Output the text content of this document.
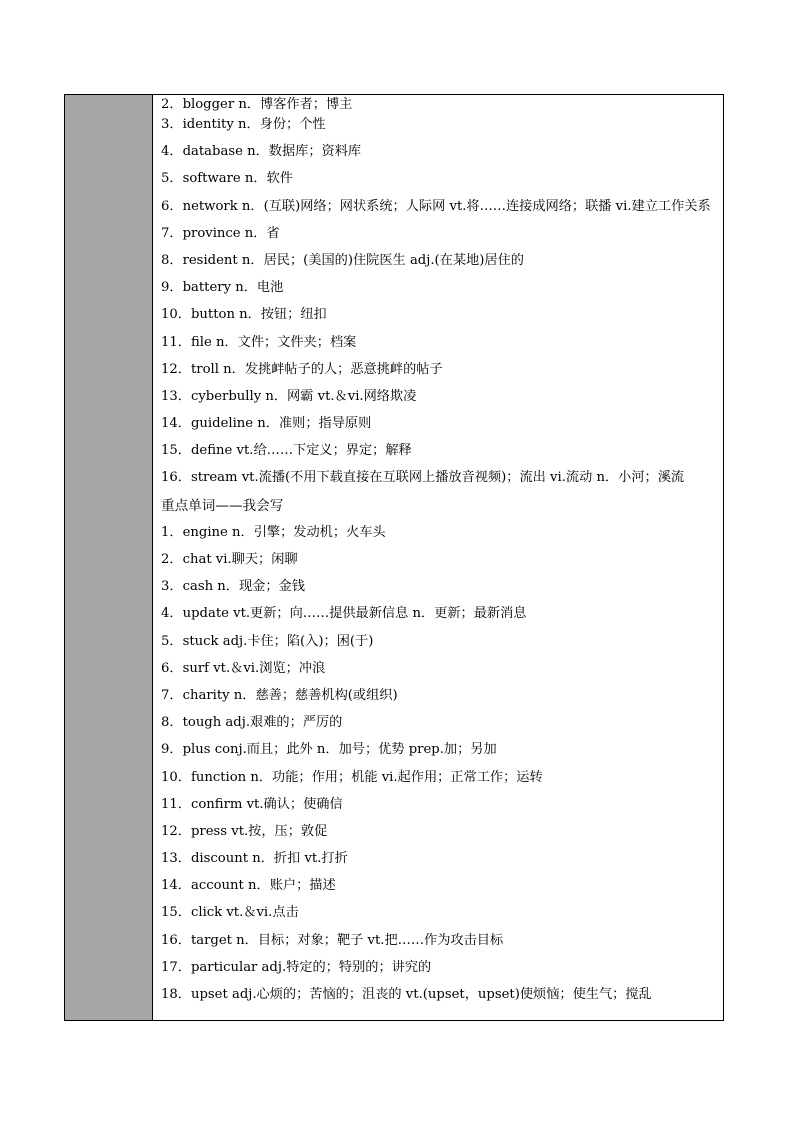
2．blogger n．博客作者；博主
3．identity n．身份；个性
4．database n．数据库；资料库
5．software n．软件
6．network n．(互联)网络；网状系统；人际网 vt.将……连接成网络；联播 vi.建立工作关系
7．province n．省
8．resident n．居民；(美国的)住院医生 adj.(在某地)居住的
9．battery n．电池
10．button n．按钮；纽扣
11．file n．文件；文件夹；档案
12．troll n．发挑衅帖子的人；恶意挑衅的帖子
13．cyberbully n．网霸 vt.＆vi.网络欺凌
14．guideline n．准则；指导原则
15．define vt.给……下定义；界定；解释
16．stream vt.流播(不用下载直接在互联网上播放音视频)；流出 vi.流动 n．小河；溪流
重点单词——我会写
1．engine n．引擎；发动机；火车头
2．chat vi.聊天；闲聊
3．cash n．现金；金钱
4．update vt.更新；向……提供最新信息 n．更新；最新消息
5．stuck adj.卡住；陷(入)；困(于)
6．surf vt.＆vi.浏览；冲浪
7．charity n．慈善；慈善机构(或组织)
8．tough adj.艰难的；严厉的
9．plus conj.而且；此外 n．加号；优势 prep.加；另加
10．function n．功能；作用；机能 vi.起作用；正常工作；运转
11．confirm vt.确认；使确信
12．press vt.按，压；敦促
13．discount n．折扣 vt.打折
14．account n．账户；描述
15．click vt.＆vi.点击
16．target n．目标；对象；靶子 vt.把……作为攻击目标
17．particular adj.特定的；特别的；讲究的
18．upset adj.心烦的；苦恼的；沮丧的 vt.(upset，upset)使烦恼；使生气；搅乱
